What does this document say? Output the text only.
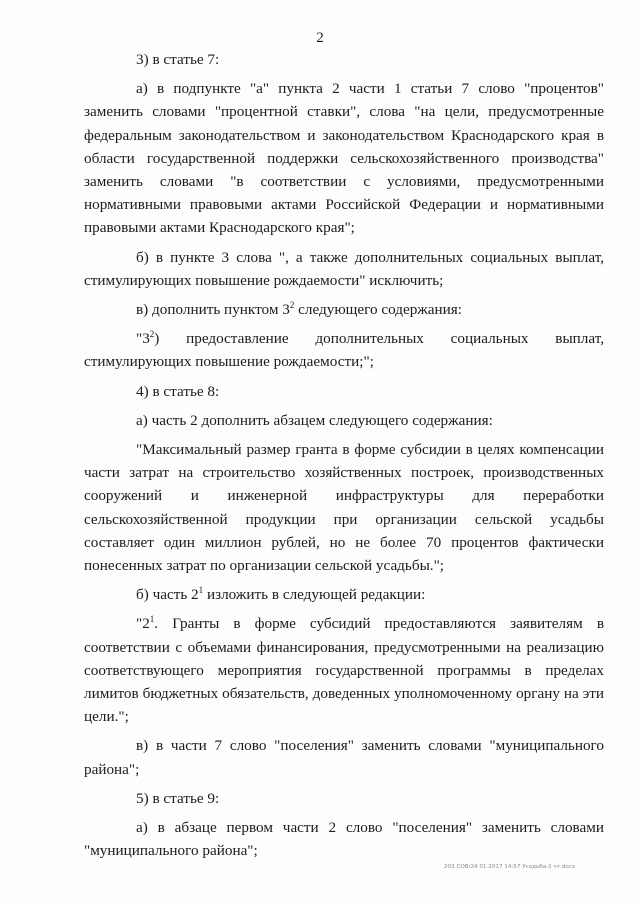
2

3) в статье 7:

а) в подпункте "а" пункта 2 части 1 статьи 7 слово "процентов" заменить словами "процентной ставки", слова "на цели, предусмотренные федеральным законодательством и законодательством Краснодарского края в области государственной поддержки сельскохозяйственного производства" заменить словами "в соответствии с условиями, предусмотренными нормативными правовыми актами Российской Федерации и нормативными правовыми актами Краснодарского края";

б) в пункте 3 слова ", а также дополнительных социальных выплат, стимулирующих повышение рождаемости" исключить;

в) дополнить пунктом $3^2$ следующего содержания:

"$3^2$) предоставление дополнительных социальных выплат, стимулирующих повышение рождаемости;";

4) в статье 8:

а) часть 2 дополнить абзацем следующего содержания:

"Максимальный размер гранта в форме субсидии в целях компенсации части затрат на строительство хозяйственных построек, производственных сооружений и инженерной инфраструктуры для переработки сельскохозяйственной продукции при организации сельской усадьбы составляет один миллион рублей, но не более 70 процентов фактически понесенных затрат по организации сельской усадьбы.";

б) часть $2^1$ изложить в следующей редакции:

"$2^1$. Гранты в форме субсидий предоставляются заявителям в соответствии с объемами финансирования, предусмотренными на реализацию соответствующего мероприятия государственной программы в пределах лимитов бюджетных обязательств, доведенных уполномоченному органу на эти цели.";

в) в части 7 слово "поселения" заменить словами "муниципального района";

5) в статье 9:

а) в абзаце первом части 2 слово "поселения" заменить словами "муниципального района";

203 COB/24 01 2017 14:57 Усадьба-2 чт.docx
